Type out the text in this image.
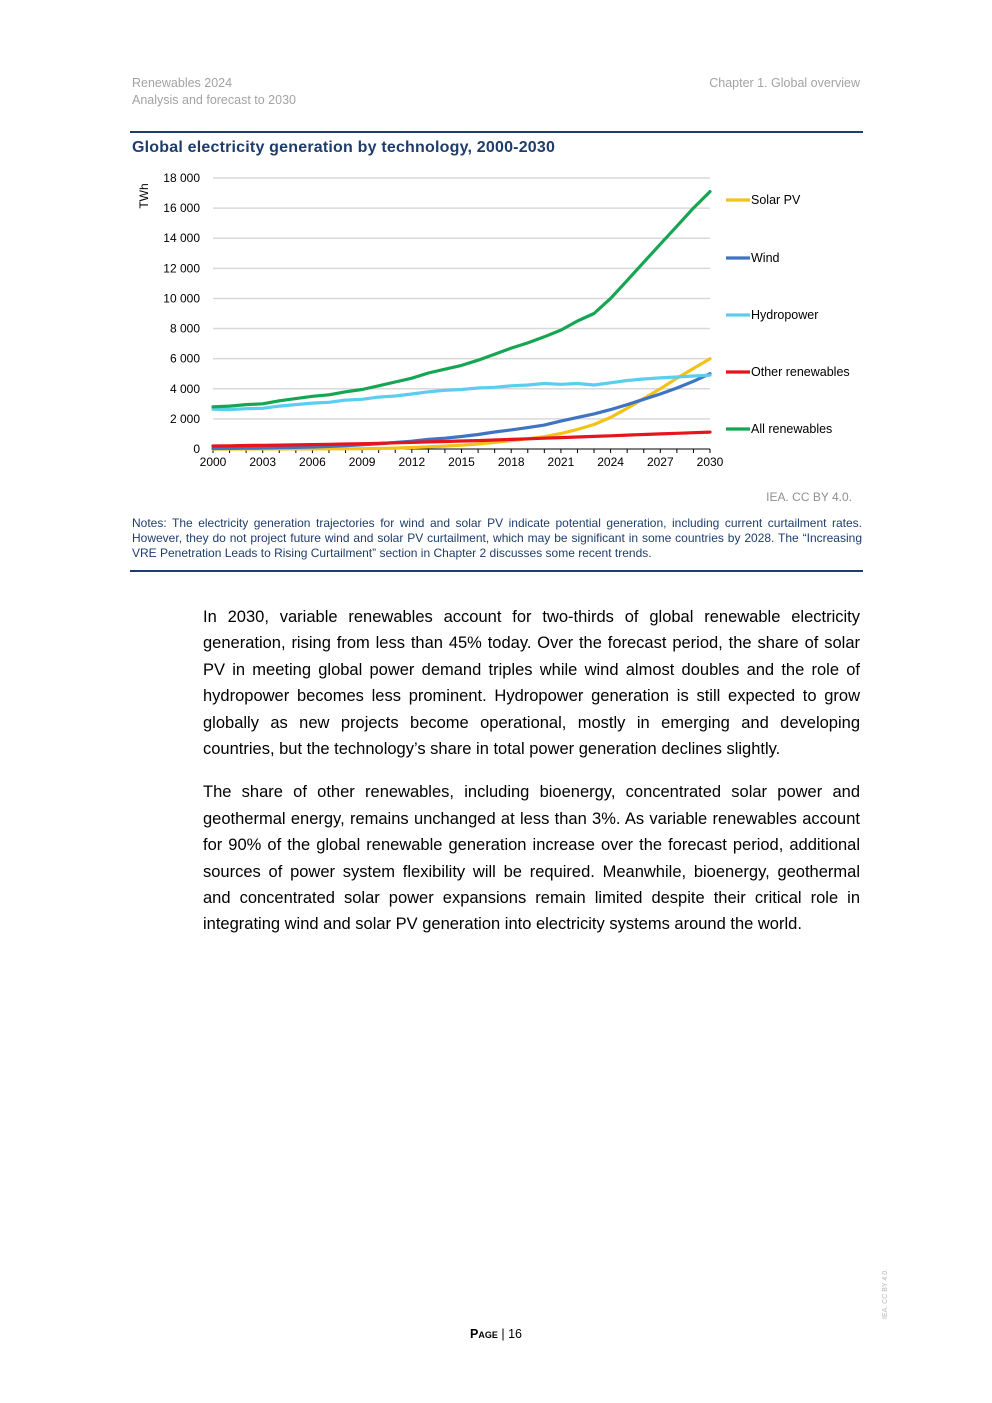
Renewables 2024
Analysis and forecast to 2030
Chapter 1. Global overview
Global electricity generation by technology, 2000-2030
0
2 000
4 000
6 000
8 000
10 000
12 000
14 000
16 000
18 000
TWh
2000 2003 2006 2009 2012 2015 2018 2021 2024 2027 2030
Solar PV
Wind
Hydropower
Other renewables
All renewables
IEA. CC BY 4.0.
Notes: The electricity generation trajectories for wind and solar PV indicate potential generation, including current curtailment rates. However, they do not project future wind and solar PV curtailment, which may be significant in some countries by 2028. The “Increasing VRE Penetration Leads to Rising Curtailment” section in Chapter 2 discusses some recent trends.

In 2030, variable renewables account for two-thirds of global renewable electricity generation, rising from less than 45% today. Over the forecast period, the share of solar PV in meeting global power demand triples while wind almost doubles and the role of hydropower becomes less prominent. Hydropower generation is still expected to grow globally as new projects become operational, mostly in emerging and developing countries, but the technology’s share in total power generation declines slightly.

The share of other renewables, including bioenergy, concentrated solar power and geothermal energy, remains unchanged at less than 3%. As variable renewables account for 90% of the global renewable generation increase over the forecast period, additional sources of power system flexibility will be required. Meanwhile, bioenergy, geothermal and concentrated solar power expansions remain limited despite their critical role in integrating wind and solar PV generation into electricity systems around the world.

Page | 16
IEA. CC BY 4.0.
